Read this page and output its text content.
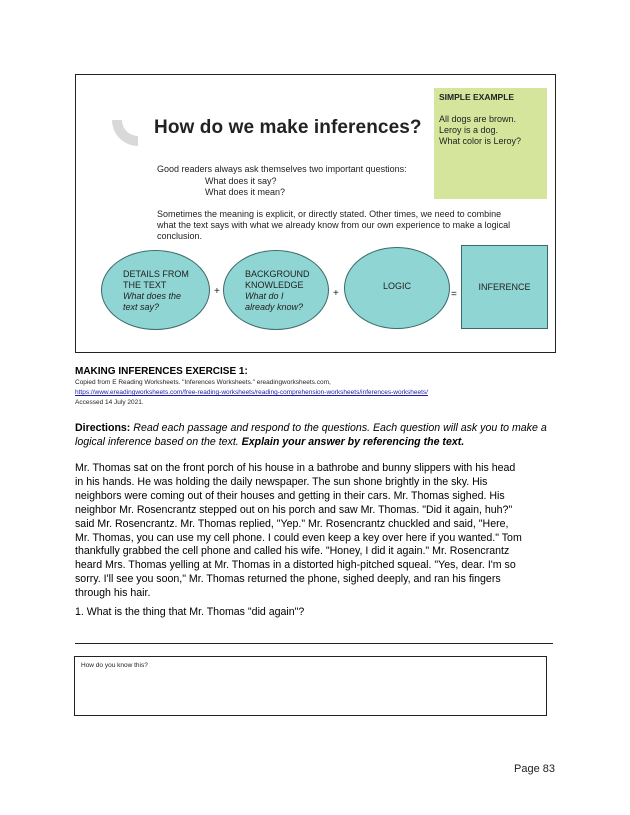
How do we make inferences?
SIMPLE EXAMPLE
All dogs are brown.
Leroy is a dog.
What color is Leroy?
Good readers always ask themselves two important questions:
What does it say?
What does it mean?
Sometimes the meaning is explicit, or directly stated. Other times, we need to combine
what the text says with what we already know from our own experience to make a logical
conclusion.
DETAILS FROM
THE TEXT
What does the
text say?
+
BACKGROUND
KNOWLEDGE
What do I
already know?
+
LOGIC
=
INFERENCE
MAKING INFERENCES EXERCISE 1:
Copied from E Reading Worksheets. "Inferences Worksheets." ereadingworksheets.com,
https://www.ereadingworksheets.com/free-reading-worksheets/reading-comprehension-worksheets/inferences-worksheets/
Accessed 14 July 2021.
Directions: Read each passage and respond to the questions. Each question will ask you to make a logical inference based on the text. Explain your answer by referencing the text.
Mr. Thomas sat on the front porch of his house in a bathrobe and bunny slippers with his head
in his hands. He was holding the daily newspaper. The sun shone brightly in the sky. His
neighbors were coming out of their houses and getting in their cars. Mr. Thomas sighed. His
neighbor Mr. Rosencrantz stepped out on his porch and saw Mr. Thomas. "Did it again, huh?"
said Mr. Rosencrantz. Mr. Thomas replied, "Yep." Mr. Rosencrantz chuckled and said, "Here,
Mr. Thomas, you can use my cell phone. I could even keep a key over here if you wanted." Tom
thankfully grabbed the cell phone and called his wife. "Honey, I did it again." Mr. Rosencrantz
heard Mrs. Thomas yelling at Mr. Thomas in a distorted high-pitched squeal. "Yes, dear. I'm so
sorry. I'll see you soon," Mr. Thomas returned the phone, sighed deeply, and ran his fingers
through his hair.
1. What is the thing that Mr. Thomas "did again"?
How do you know this?
Page 83
